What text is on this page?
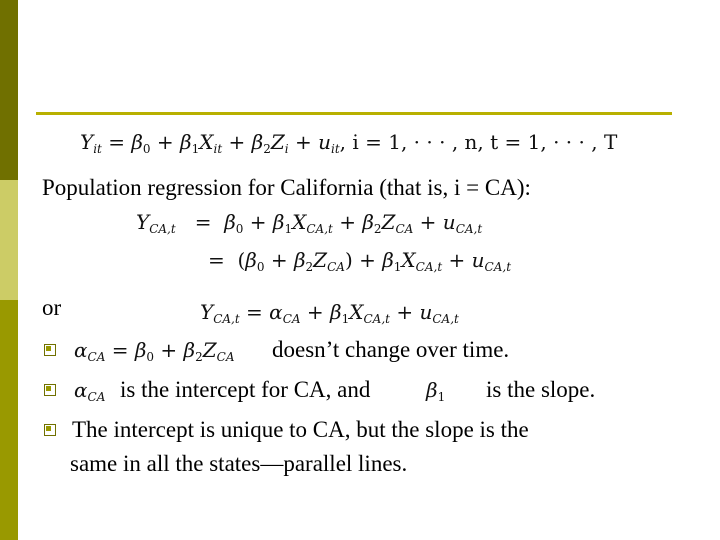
$Y_{it} = \beta_0 + \beta_1X_{it} + \beta_2Z_i + u_{it}$, i = 1, · · · , n, t = 1, · · · , T
Population regression for California (that is, i = CA):
$Y_{CA,t} = \beta_0 + \beta_1X_{CA,t} + \beta_2Z_{CA} + u_{CA,t}$
=  $(\beta_0 + \beta_2Z_{CA}) + \beta_1X_{CA,t} + u_{CA,t}$
or	$Y_{CA,t} = \alpha_{CA} + \beta_1X_{CA,t} + u_{CA,t}$
$\alpha_{CA} = \beta_0 + \beta_2Z_{CA}$ doesn’t change over time.
$\alpha_{CA}$ is the intercept for CA, and	$\beta_1$ is the slope.
The intercept is unique to CA, but the slope is the
same in all the states—parallel lines.
